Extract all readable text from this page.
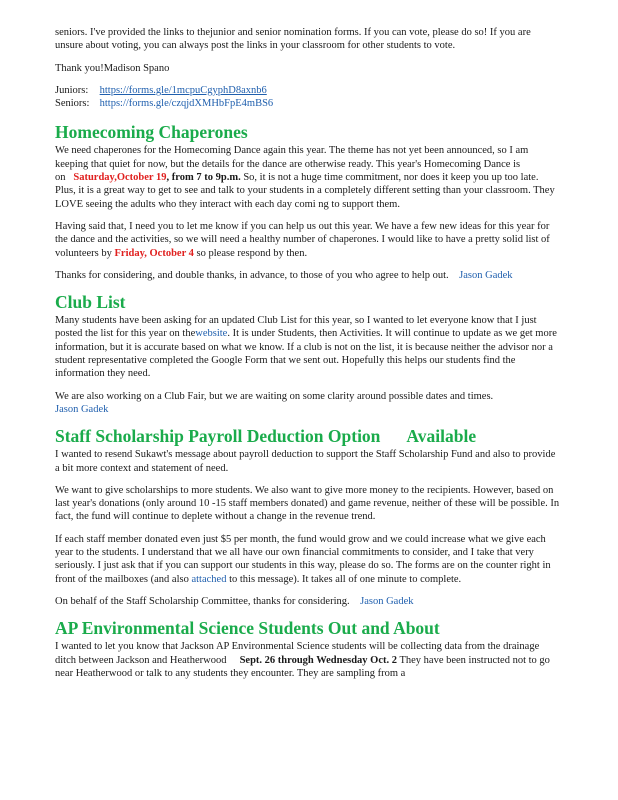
seniors. I've provided the links to thejunior and senior nomination forms. If you can vote, please do so! If you are unsure about voting, you can always post the links in your classroom for other students to vote.

Thank you!Madison Spano

Juniors: https://forms.gle/1mcpuCgyphD8axnb6
Seniors: https://forms.gle/czqjdXMHbFpE4mBS6
Homecoming Chaperones

We need chaperones for the Homecoming Dance again this year. The theme has not yet been announced, so I am keeping that quiet for now, but the details for the dance are otherwise ready. This year's Homecoming Dance is on Saturday,October 19, from 7 to 9p.m. So, it is not a huge time commitment, nor does it keep you up too late. Plus, it is a great way to get to see and talk to your students in a completely different setting than your classroom. They LOVE seeing the adults who they interact with each day comi ng to support them.

Having said that, I need you to let me know if you can help us out this year. We have a few new ideas for this year for the dance and the activities, so we will need a healthy number of chaperones. I would like to have a pretty solid list of volunteers by Friday, October 4 so please respond by then.

Thanks for considering, and double thanks, in advance, to those of you who agree to help out. Jason Gadek

Club List

Many students have been asking for an updated Club List for this year, so I wanted to let everyone know that I just posted the list for this year on thewebsite. It is under Students, then Activities. It will continue to update as we get more information, but it is accurate based on what we know. If a club is not on the list, it is because neither the advisor nor a student representative completed the Google Form that we sent out. Hopefully this helps our students find the information they need.

We are also working on a Club Fair, but we are waiting on some clarity around possible dates and times.
Jason Gadek

Staff Scholarship Payroll Deduction Option Available

I wanted to resend Sukawt's message about payroll deduction to support the Staff Scholarship Fund and also to provide a bit more context and statement of need.

We want to give scholarships to more students. We also want to give more money to the recipients. However, based on last year's donations (only around 10 -15 staff members donated) and game revenue, neither of these will be possible. In fact, the fund will continue to deplete without a change in the revenue trend.

If each staff member donated even just $5 per month, the fund would grow and we could increase what we give each year to the students. I understand that we all have our own financial commitments to consider, and I take that very seriously. I just ask that if you can support our students in this way, please do so. The forms are on the counter right in front of the mailboxes (and also attached to this message). It takes all of one minute to complete.

On behalf of the Staff Scholarship Committee, thanks for considering. Jason Gadek

AP Environmental Science Students Out and About

I wanted to let you know that Jackson AP Environmental Science students will be collecting data from the drainage ditch between Jackson and Heatherwood Sept. 26 through Wednesday Oct. 2 They have been instructed not to go near Heatherwood or talk to any students they encounter. They are sampling from a
